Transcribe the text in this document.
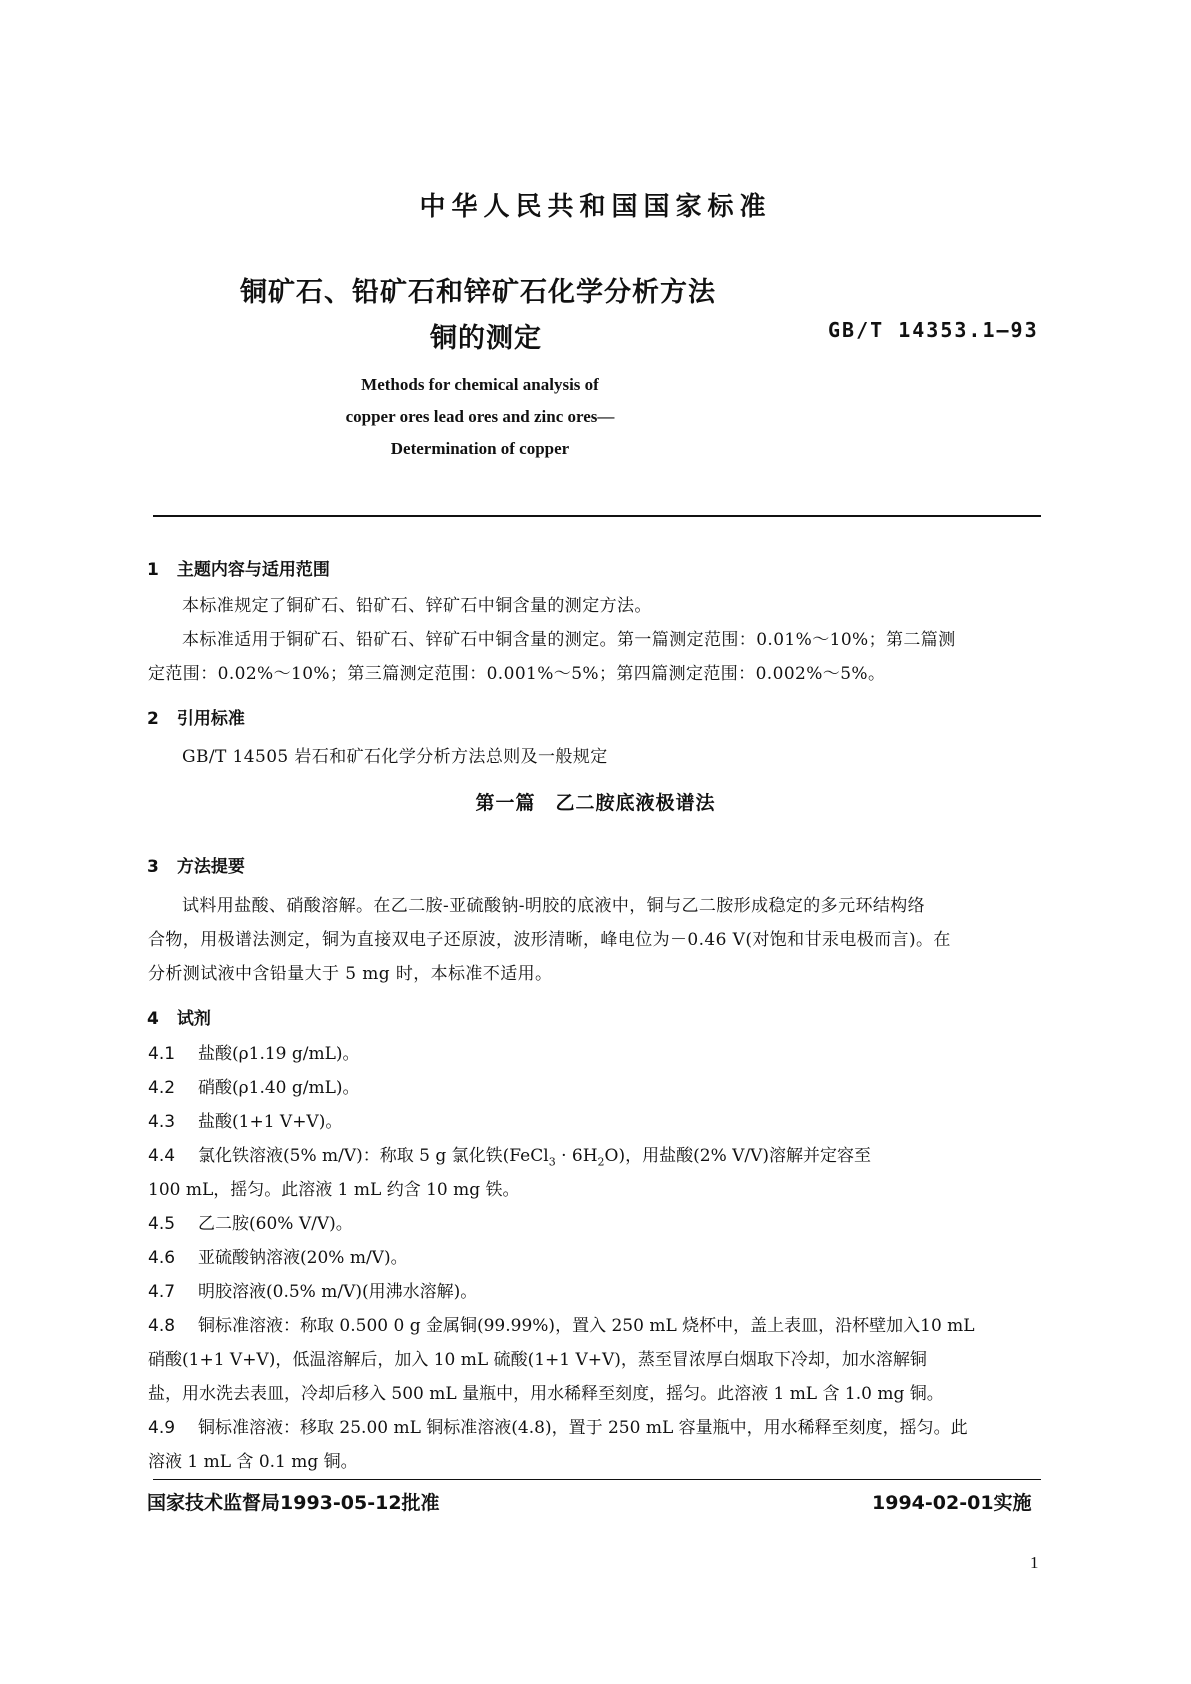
中华人民共和国国家标准
铜矿石、铅矿石和锌矿石化学分析方法
铜的测定	GB/T 14353.1—93
Methods for chemical analysis of
copper ores lead ores and zinc ores—
Determination of copper
1 主题内容与适用范围
本标准规定了铜矿石、铅矿石、锌矿石中铜含量的测定方法。
本标准适用于铜矿石、铅矿石、锌矿石中铜含量的测定。第一篇测定范围：0.01%～10%；第二篇测
定范围：0.02%～10%；第三篇测定范围：0.001%～5%；第四篇测定范围：0.002%～5%。
2 引用标准
GB/T 14505 岩石和矿石化学分析方法总则及一般规定
第一篇　乙二胺底液极谱法
3 方法提要
试料用盐酸、硝酸溶解。在乙二胺-亚硫酸钠-明胶的底液中，铜与乙二胺形成稳定的多元环结构络
合物，用极谱法测定，铜为直接双电子还原波，波形清晰，峰电位为－0.46 V(对饱和甘汞电极而言)。在
分析测试液中含铅量大于 5 mg 时，本标准不适用。
4 试剂
4.1 盐酸(ρ1.19 g/mL)。
4.2 硝酸(ρ1.40 g/mL)。
4.3 盐酸(1+1 V+V)。
4.4 氯化铁溶液(5% m/V)：称取 5 g 氯化铁(FeCl$_3$ · $6H_2O$)，用盐酸(2% V/V)溶解并定容至
100 mL，摇匀。此溶液 1 mL 约含 10 mg 铁。
4.5 乙二胺(60% V/V)。
4.6 亚硫酸钠溶液(20% m/V)。
4.7 明胶溶液(0.5% m/V)(用沸水溶解)。
4.8 铜标准溶液：称取 0.500 0 g 金属铜(99.99%)，置入 250 mL 烧杯中，盖上表皿，沿杯壁加入10 mL
硝酸(1+1 V+V)，低温溶解后，加入 10 mL 硫酸(1+1 V+V)，蒸至冒浓厚白烟取下冷却，加水溶解铜
盐，用水洗去表皿，冷却后移入 500 mL 量瓶中，用水稀释至刻度，摇匀。此溶液 1 mL 含 1.0 mg 铜。
4.9 铜标准溶液：移取 25.00 mL 铜标准溶液(4.8)，置于 250 mL 容量瓶中，用水稀释至刻度，摇匀。此
溶液 1 mL 含 0.1 mg 铜。
国家技术监督局1993-05-12批准	1994-02-01实施
1
